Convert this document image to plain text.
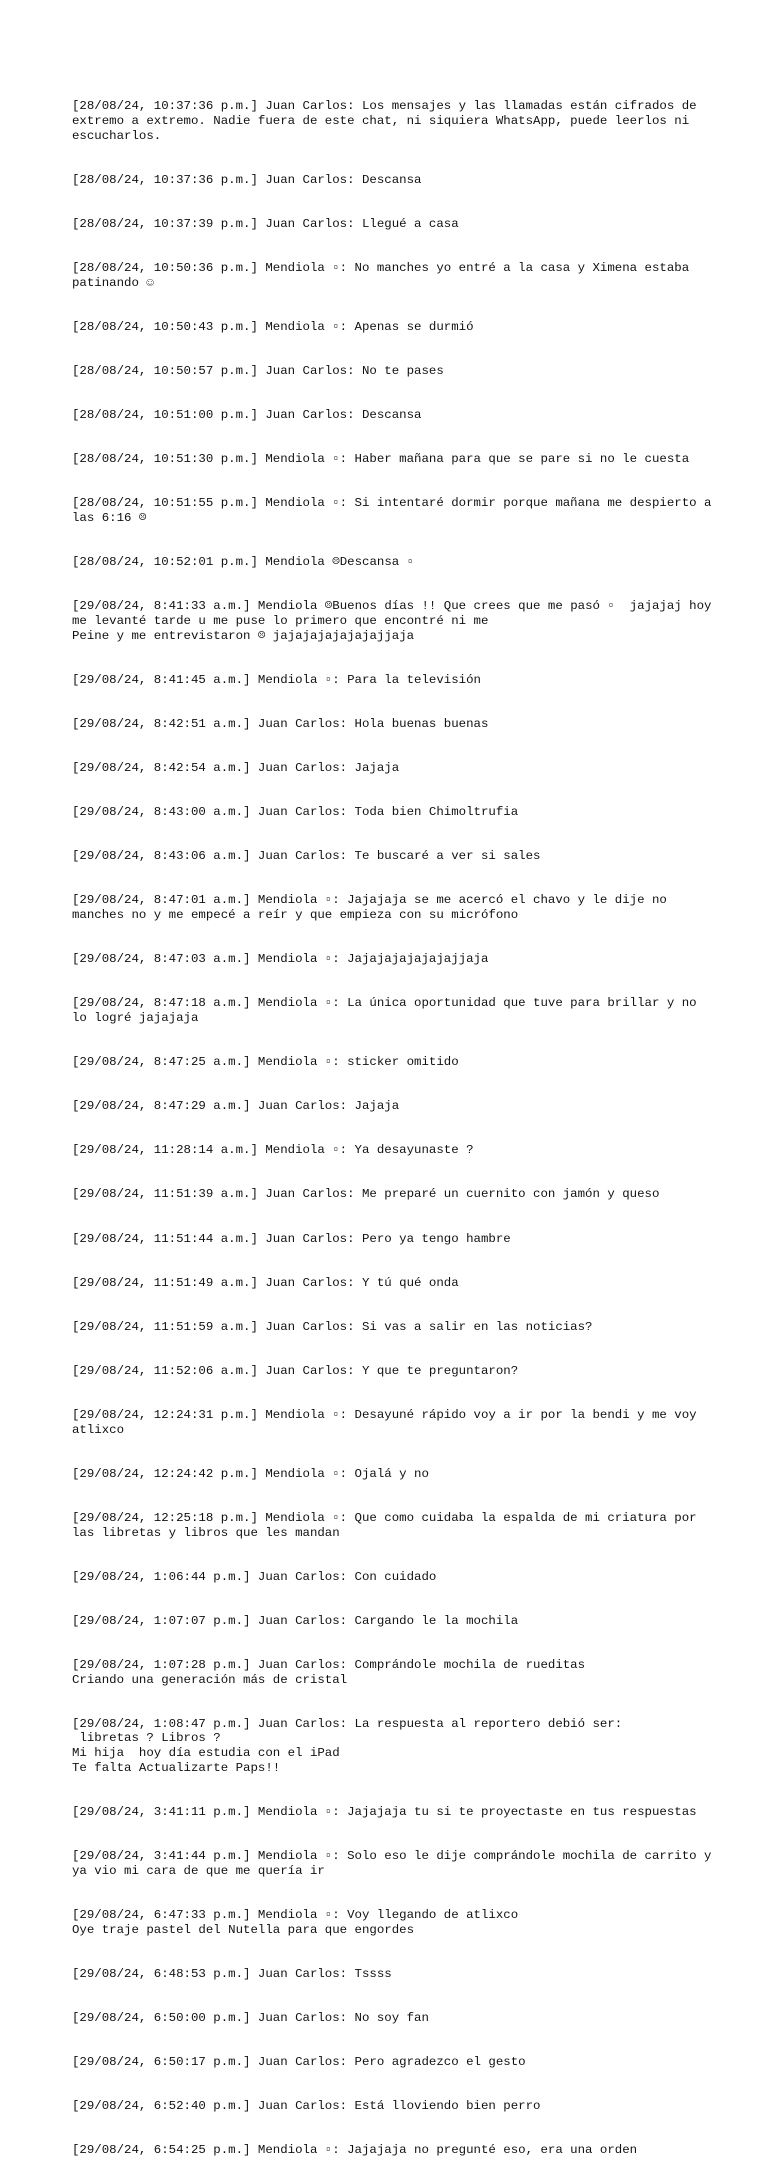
[28/08/24, 10:37:36 p.m.] Juan Carlos: Los mensajes y las llamadas están cifrados de extremo a extremo. Nadie fuera de este chat, ni siquiera WhatsApp, puede leerlos ni escucharlos.

[28/08/24, 10:37:36 p.m.] Juan Carlos: Descansa

[28/08/24, 10:37:39 p.m.] Juan Carlos: Llegué a casa

[28/08/24, 10:50:36 p.m.] Mendiola ▫: No manches yo entré a la casa y Ximena estaba patinando ☺

[28/08/24, 10:50:43 p.m.] Mendiola ▫: Apenas se durmió

[28/08/24, 10:50:57 p.m.] Juan Carlos: No te pases

[28/08/24, 10:51:00 p.m.] Juan Carlos: Descansa

[28/08/24, 10:51:30 p.m.] Mendiola ▫: Haber mañana para que se pare si no le cuesta

[28/08/24, 10:51:55 p.m.] Mendiola ▫: Si intentaré dormir porque mañana me despierto a las 6:16 ☹

[28/08/24, 10:52:01 p.m.] Mendiola ☹Descansa ▫

[29/08/24, 8:41:33 a.m.] Mendiola ☹Buenos días !! Que crees que me pasó ▫  jajajaj hoy me levanté tarde u me puse lo primero que encontré ni me
Peine y me entrevistaron ☹ jajajajajajajajjaja

[29/08/24, 8:41:45 a.m.] Mendiola ▫: Para la televisión

[29/08/24, 8:42:51 a.m.] Juan Carlos: Hola buenas buenas

[29/08/24, 8:42:54 a.m.] Juan Carlos: Jajaja

[29/08/24, 8:43:00 a.m.] Juan Carlos: Toda bien Chimoltrufia

[29/08/24, 8:43:06 a.m.] Juan Carlos: Te buscaré a ver si sales

[29/08/24, 8:47:01 a.m.] Mendiola ▫: Jajajaja se me acercó el chavo y le dije no manches no y me empecé a reír y que empieza con su micrófono

[29/08/24, 8:47:03 a.m.] Mendiola ▫: Jajajajajajajajjaja

[29/08/24, 8:47:18 a.m.] Mendiola ▫: La única oportunidad que tuve para brillar y no lo logré jajajaja

[29/08/24, 8:47:25 a.m.] Mendiola ▫: sticker omitido

[29/08/24, 8:47:29 a.m.] Juan Carlos: Jajaja

[29/08/24, 11:28:14 a.m.] Mendiola ▫: Ya desayunaste ?

[29/08/24, 11:51:39 a.m.] Juan Carlos: Me preparé un cuernito con jamón y queso

[29/08/24, 11:51:44 a.m.] Juan Carlos: Pero ya tengo hambre

[29/08/24, 11:51:49 a.m.] Juan Carlos: Y tú qué onda

[29/08/24, 11:51:59 a.m.] Juan Carlos: Si vas a salir en las noticias?

[29/08/24, 11:52:06 a.m.] Juan Carlos: Y que te preguntaron?

[29/08/24, 12:24:31 p.m.] Mendiola ▫: Desayuné rápido voy a ir por la bendi y me voy atlixco

[29/08/24, 12:24:42 p.m.] Mendiola ▫: Ojalá y no

[29/08/24, 12:25:18 p.m.] Mendiola ▫: Que como cuidaba la espalda de mi criatura por las libretas y libros que les mandan

[29/08/24, 1:06:44 p.m.] Juan Carlos: Con cuidado

[29/08/24, 1:07:07 p.m.] Juan Carlos: Cargando le la mochila

[29/08/24, 1:07:28 p.m.] Juan Carlos: Comprándole mochila de rueditas
Criando una generación más de cristal

[29/08/24, 1:08:47 p.m.] Juan Carlos: La respuesta al reportero debió ser:
libretas ? Libros ?
Mi hija  hoy día estudia con el iPad
Te falta Actualizarte Paps!!

[29/08/24, 3:41:11 p.m.] Mendiola ▫: Jajajaja tu si te proyectaste en tus respuestas

[29/08/24, 3:41:44 p.m.] Mendiola ▫: Solo eso le dije comprándole mochila de carrito y ya vio mi cara de que me quería ir

[29/08/24, 6:47:33 p.m.] Mendiola ▫: Voy llegando de atlixco
Oye traje pastel del Nutella para que engordes

[29/08/24, 6:48:53 p.m.] Juan Carlos: Tssss

[29/08/24, 6:50:00 p.m.] Juan Carlos: No soy fan

[29/08/24, 6:50:17 p.m.] Juan Carlos: Pero agradezco el gesto

[29/08/24, 6:52:40 p.m.] Juan Carlos: Está lloviendo bien perro

[29/08/24, 6:54:25 p.m.] Mendiola ▫: Jajajaja no pregunté eso, era una orden
